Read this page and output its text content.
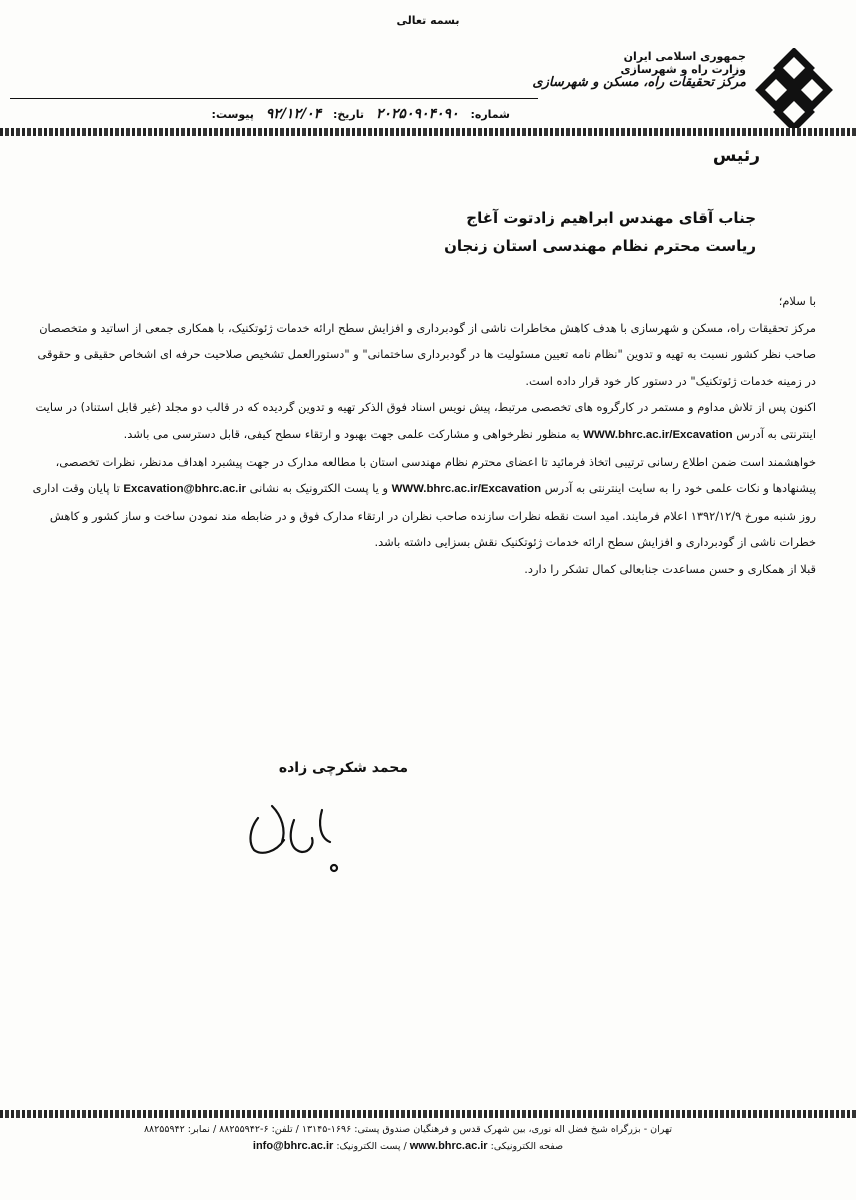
بسمه تعالی
جمهوری اسلامی ایران
وزارت راه و شهرسازی
مرکز تحقیقات راه، مسکن و شهرسازی
شماره: ۲۰۲۵۰۹۰۴۰۹۰ تاریخ: ۹۲/۱۲/۰۴ پیوست:
رئیس
جناب آقای مهندس ابراهیم زادتوت آغاج
ریاست محترم نظام مهندسی استان زنجان

با سلام؛

مرکز تحقیقات راه، مسکن و شهرسازی با هدف کاهش مخاطرات ناشی از گودبرداری و افزایش سطح ارائه خدمات ژئوتکنیک، با همکاری جمعی از اساتید و متخصصان صاحب نظر کشور نسبت به تهیه و تدوین "نظام نامه تعیین مسئولیت ها در گودبرداری ساختمانی" و "دستورالعمل تشخیص صلاحیت حرفه ای اشخاص حقیقی و حقوقی در زمینه خدمات ژئوتکنیک" در دستور کار خود قرار داده است.

اکنون پس از تلاش مداوم و مستمر در کارگروه های تخصصی مرتبط، پیش نویس اسناد فوق الذکر تهیه و تدوین گردیده که در قالب دو مجلد (غیر قابل استناد) در سایت اینترنتی به آدرس WWW.bhrc.ac.ir/Excavation به منظور نظرخواهی و مشارکت علمی جهت بهبود و ارتقاء سطح کیفی، قابل دسترسی می باشد.

خواهشمند است ضمن اطلاع رسانی ترتیبی اتخاذ فرمائید تا اعضای محترم نظام مهندسی استان با مطالعه مدارک در جهت پیشبرد اهداف مدنظر، نظرات تخصصی، پیشنهادها و نکات علمی خود را به سایت اینترنتی به آدرس WWW.bhrc.ac.ir/Excavation و یا پست الکترونیک به نشانی Excavation@bhrc.ac.ir تا پایان وقت اداری روز شنبه مورخ ۱۳۹۲/۱۲/۹ اعلام فرمایند. امید است نقطه نظرات سازنده صاحب نظران در ارتقاء مدارک فوق و در ضابطه مند نمودن ساخت و ساز کشور و کاهش خطرات ناشی از گودبرداری و افزایش سطح ارائه خدمات ژئوتکنیک نقش بسزایی داشته باشد.

قبلا از همکاری و حسن مساعدت جنابعالی کمال تشکر را دارد.

محمد شکرچی زاده
تهران - بزرگراه شیخ فضل اله نوری، بین شهرک قدس و فرهنگیان صندوق پستی: ۱۶۹۶-۱۳۱۴۵ / تلفن: ۶-۸۸۲۵۵۹۴۲ / نمابر: ۸۸۲۵۵۹۴۲
صفحه الکترونیکی: www.bhrc.ac.ir / پست الکترونیک: info@bhrc.ac.ir
